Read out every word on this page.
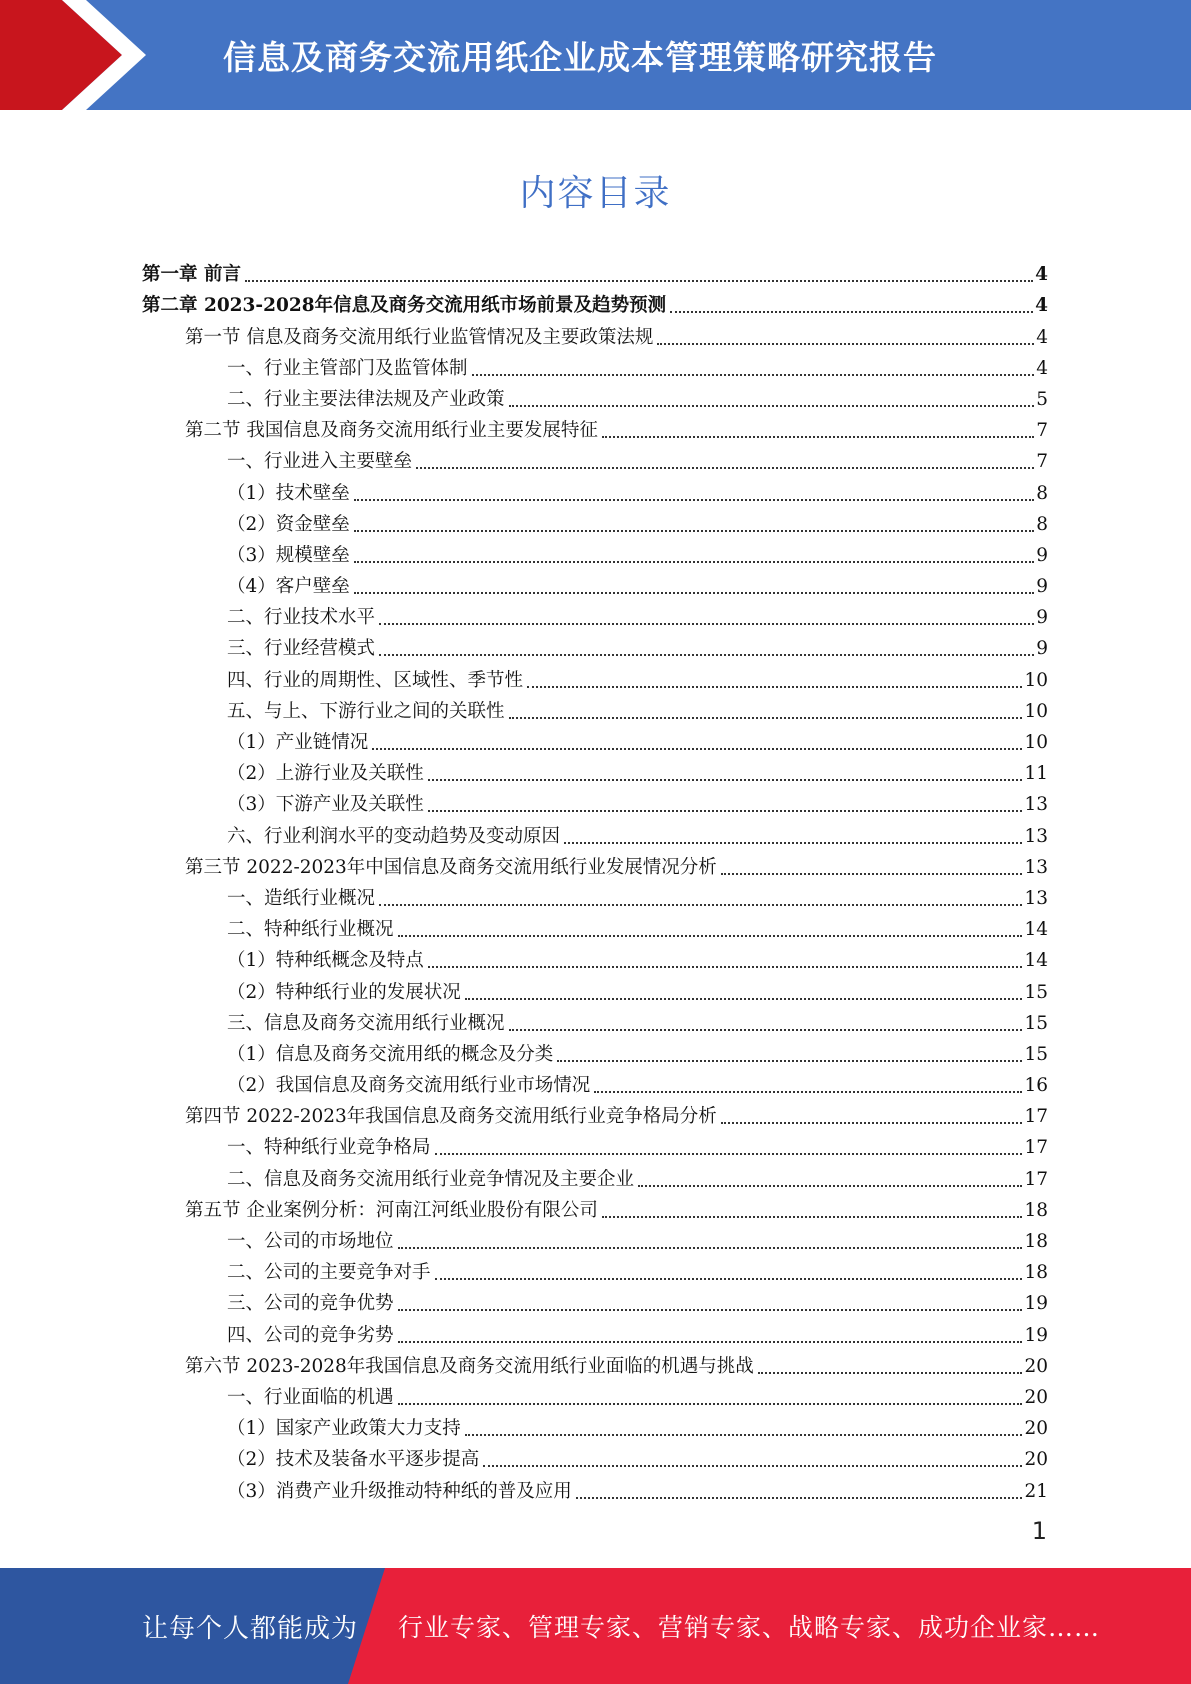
信息及商务交流用纸企业成本管理策略研究报告
内容目录
第一章 前言	4
第二章 2023-2028年信息及商务交流用纸市场前景及趋势预测	4
第一节 信息及商务交流用纸行业监管情况及主要政策法规	4
一、行业主管部门及监管体制	4
二、行业主要法律法规及产业政策	5
第二节 我国信息及商务交流用纸行业主要发展特征	7
一、行业进入主要壁垒	7
（1）技术壁垒	8
（2）资金壁垒	8
（3）规模壁垒	9
（4）客户壁垒	9
二、行业技术水平	9
三、行业经营模式	9
四、行业的周期性、区域性、季节性	10
五、与上、下游行业之间的关联性	10
（1）产业链情况	10
（2）上游行业及关联性	11
（3）下游产业及关联性	13
六、行业利润水平的变动趋势及变动原因	13
第三节 2022-2023年中国信息及商务交流用纸行业发展情况分析	13
一、造纸行业概况	13
二、特种纸行业概况	14
（1）特种纸概念及特点	14
（2）特种纸行业的发展状况	15
三、信息及商务交流用纸行业概况	15
（1）信息及商务交流用纸的概念及分类	15
（2）我国信息及商务交流用纸行业市场情况	16
第四节 2022-2023年我国信息及商务交流用纸行业竞争格局分析	17
一、特种纸行业竞争格局	17
二、信息及商务交流用纸行业竞争情况及主要企业	17
第五节 企业案例分析：河南江河纸业股份有限公司	18
一、公司的市场地位	18
二、公司的主要竞争对手	18
三、公司的竞争优势	19
四、公司的竞争劣势	19
第六节 2023-2028年我国信息及商务交流用纸行业面临的机遇与挑战	20
一、行业面临的机遇	20
（1）国家产业政策大力支持	20
（2）技术及装备水平逐步提高	20
（3）消费产业升级推动特种纸的普及应用	21
1
让每个人都能成为 行业专家、管理专家、营销专家、战略专家、成功企业家……
